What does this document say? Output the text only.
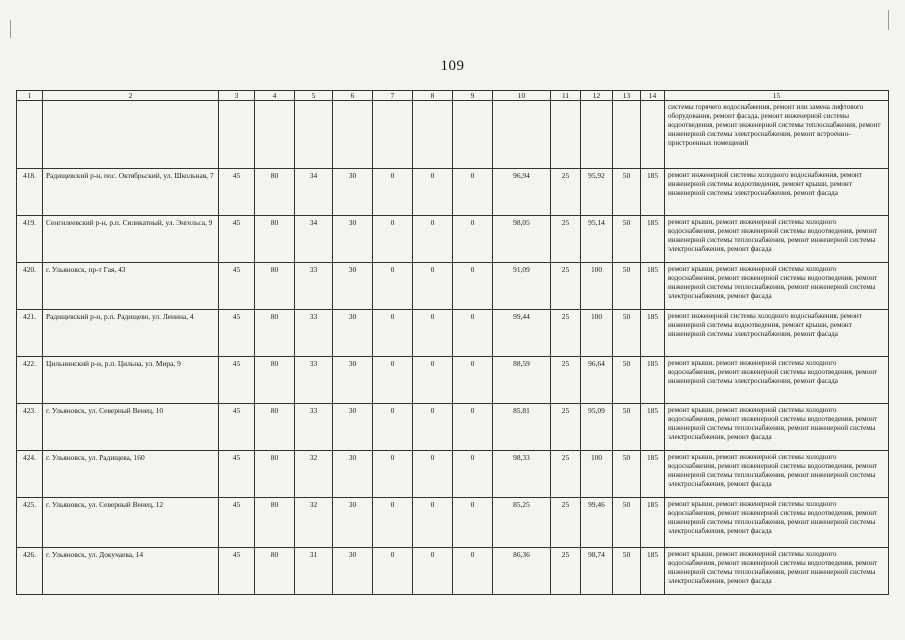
109
1	2	3	4	5	6	7	8	9	10	11	12	13	14	15
														системы горячего водоснабжения, ремонт или замена лифтового оборудования, ремонт фасада, ремонт инженерной системы водоотведения, ремонт инженерной системы теплоснабжения, ремонт инженерной системы электроснабжения, ремонт встроенно-пристроенных помещений
418.	Радищевский р-н, пос. Октябрьский, ул. Школьная, 7	45	80	34	30	0	0	0	96,94	25	95,92	50	185	ремонт инженерной системы холодного водоснабжения, ремонт инженерной системы водоотведения, ремонт крыши, ремонт инженерной системы электроснабжения, ремонт фасада
419.	Сенгилеевский р-н, р.п. Силикатный, ул. Энгельса, 9	45	80	34	30	0	0	0	98,05	25	95,14	50	185	ремонт крыши, ремонт инженерной системы холодного водоснабжения, ремонт инженерной системы водоотведения, ремонт инженерной системы теплоснабжения, ремонт инженерной системы электроснабжения, ремонт фасада
420.	г. Ульяновск, пр-т Гая, 43	45	80	33	30	0	0	0	91,09	25	100	50	185	ремонт крыши, ремонт инженерной системы холодного водоснабжения, ремонт инженерной системы водоотведения, ремонт инженерной системы теплоснабжения, ремонт инженерной системы электроснабжения, ремонт фасада
421.	Радищевский р-н, р.п. Радищево, ул. Ленина, 4	45	80	33	30	0	0	0	99,44	25	100	50	185	ремонт инженерной системы холодного водоснабжения, ремонт инженерной системы водоотведения, ремонт крыши, ремонт инженерной системы электроснабжения, ремонт фасада
422.	Цильнинский р-н, р.п. Цильна, ул. Мира, 9	45	80	33	30	0	0	0	88,59	25	96,64	50	185	ремонт крыши, ремонт инженерной системы холодного водоснабжения, ремонт инженерной системы водоотведения, ремонт инженерной системы электроснабжения, ремонт фасада
423.	г. Ульяновск, ул. Северный Венец, 10	45	80	33	30	0	0	0	85,81	25	95,09	50	185	ремонт крыши, ремонт инженерной системы холодного водоснабжения, ремонт инженерной системы водоотведения, ремонт инженерной системы теплоснабжения, ремонт инженерной системы электроснабжения, ремонт фасада
424.	г. Ульяновск, ул. Радищева, 160	45	80	32	30	0	0	0	98,33	25	100	50	185	ремонт крыши, ремонт инженерной системы холодного водоснабжения, ремонт инженерной системы водоотведения, ремонт инженерной системы теплоснабжения, ремонт инженерной системы электроснабжения, ремонт фасада
425.	г. Ульяновск, ул. Северный Венец, 12	45	80	32	30	0	0	0	85,25	25	99,46	50	185	ремонт крыши, ремонт инженерной системы холодного водоснабжения, ремонт инженерной системы водоотведения, ремонт инженерной системы теплоснабжения, ремонт инженерной системы электроснабжения, ремонт фасада
426.	г. Ульяновск, ул. Докучаева, 14	45	80	31	30	0	0	0	86,36	25	98,74	50	185	ремонт крыши, ремонт инженерной системы холодного водоснабжения, ремонт инженерной системы водоотведения, ремонт инженерной системы теплоснабжения, ремонт инженерной системы электроснабжения, ремонт фасада
